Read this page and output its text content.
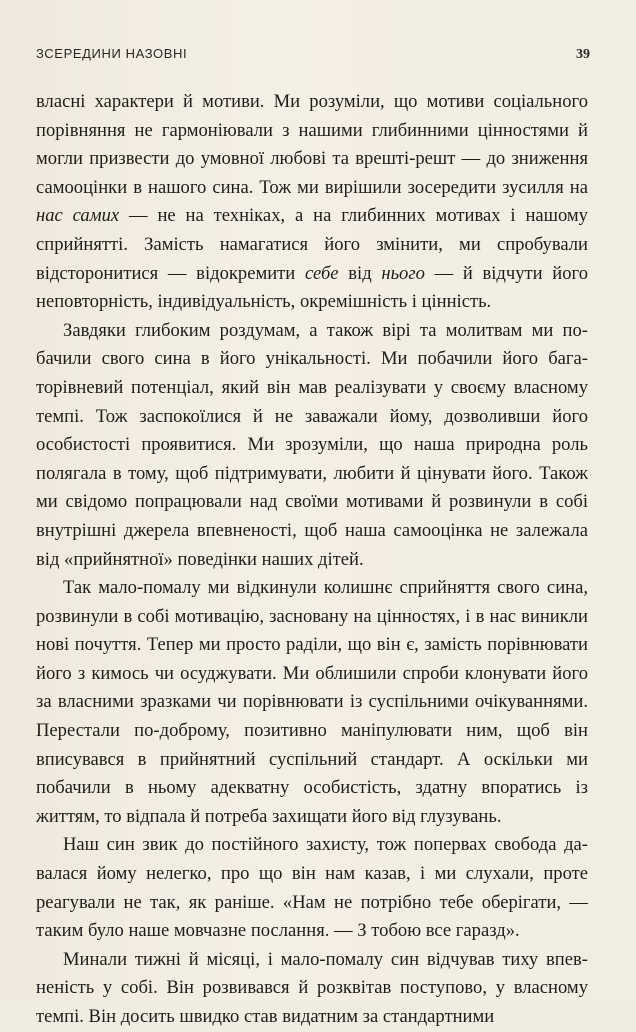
ЗСЕРЕДИНИ НАЗОВНІ	39

власні характери й мотиви. Ми розуміли, що мотиви соціального порівняння не гармоніювали з нашими глибинними цінностями й могли призвести до умовної любові та врешті-решт — до зниження самооцінки в нашого сина. Тож ми вирішили зосередити зусилля на нас самих — не на техніках, а на глибинних мотивах і нашому сприйнятті. Замість намагатися його змінити, ми спробували відсторонитися — відокремити себе від нього — й відчути його неповторність, індивідуальність, окремішність і цінність.

Завдяки глибоким роздумам, а також вірі та молитвам ми побачили свого сина в його унікальності. Ми побачили його багаторівневий потенціал, який він мав реалізувати у своєму власному темпі. Тож заспокоїлися й не заважали йому, дозволивши його особистості проявитися. Ми зрозуміли, що наша природна роль полягала в тому, щоб підтримувати, любити й цінувати його. Також ми свідомо попрацювали над своїми мотивами й розвинули в собі внутрішні джерела впевненості, щоб наша самооцінка не залежала від «прийнятної» поведінки наших дітей.

Так мало-помалу ми відкинули колишнє сприйняття свого сина, розвинули в собі мотивацію, засновану на цінностях, і в нас виникли нові почуття. Тепер ми просто раділи, що він є, замість порівнювати його з кимось чи осуджувати. Ми облишили спроби клонувати його за власними зразками чи порівнювати із суспільними очікуваннями. Перестали по-доброму, позитивно маніпулювати ним, щоб він вписувався в прийнятний суспільний стандарт. А оскільки ми побачили в ньому адекватну особистість, здатну впоратись із життям, то відпала й потреба захищати його від глузувань.

Наш син звик до постійного захисту, тож попервах свобода давалася йому нелегко, про що він нам казав, і ми слухали, проте реагували не так, як раніше. «Нам не потрібно тебе оберігати, — таким було наше мовчазне послання. — З тобою все гаразд».

Минали тижні й місяці, і мало-помалу син відчував тиху впевненість у собі. Він розвивався й розквітав поступово, у власному темпі. Він досить швидко став видатним за стандартними
